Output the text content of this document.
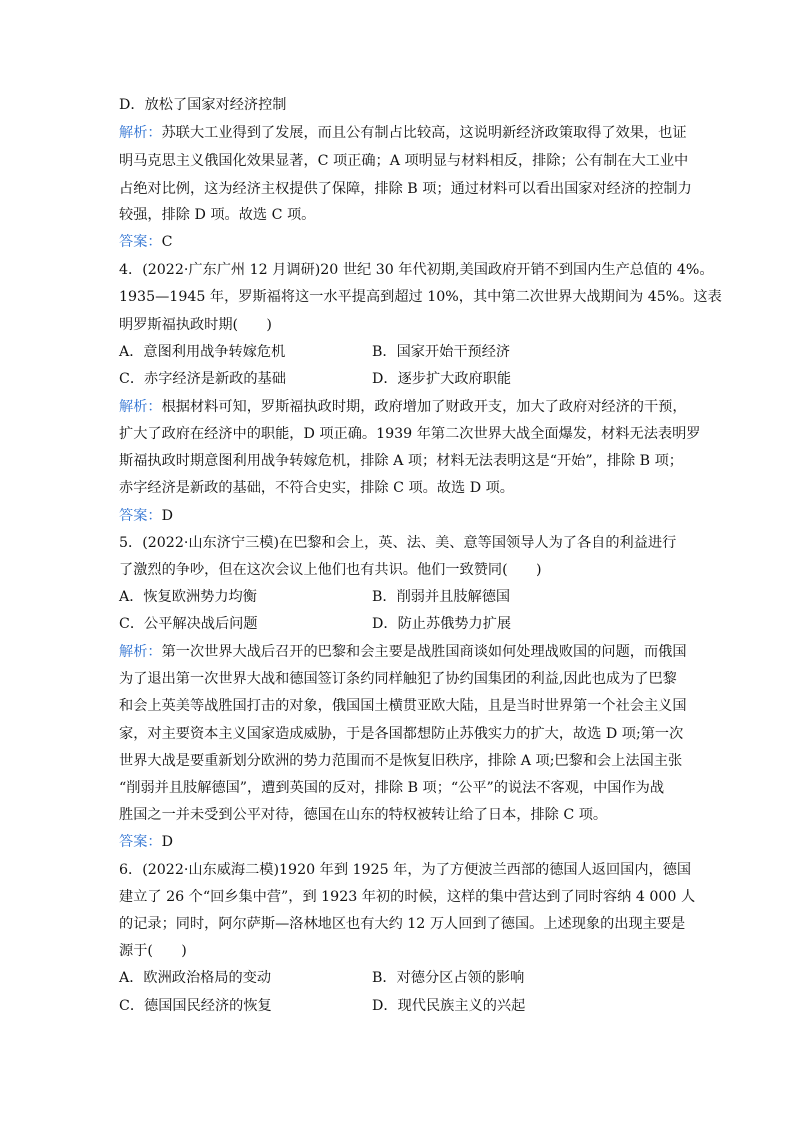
D．放松了国家对经济控制
解析：苏联大工业得到了发展，而且公有制占比较高，这说明新经济政策取得了效果，也证
明马克思主义俄国化效果显著，C 项正确；A 项明显与材料相反，排除；公有制在大工业中
占绝对比例，这为经济主权提供了保障，排除 B 项；通过材料可以看出国家对经济的控制力
较强，排除 D 项。故选 C 项。
答案：C
4．(2022·广东广州 12 月调研)20 世纪 30 年代初期,美国政府开销不到国内生产总值的 4%。
1935—1945 年，罗斯福将这一水平提高到超过 10%，其中第二次世界大战期间为 45%。这表
明罗斯福执政时期(　　)
A．意图利用战争转嫁危机	B．国家开始干预经济
C．赤字经济是新政的基础	D．逐步扩大政府职能
解析：根据材料可知，罗斯福执政时期，政府增加了财政开支，加大了政府对经济的干预，
扩大了政府在经济中的职能，D 项正确。1939 年第二次世界大战全面爆发，材料无法表明罗
斯福执政时期意图利用战争转嫁危机，排除 A 项；材料无法表明这是“开始”，排除 B 项；
赤字经济是新政的基础，不符合史实，排除 C 项。故选 D 项。
答案：D
5．(2022·山东济宁三模)在巴黎和会上，英、法、美、意等国领导人为了各自的利益进行
了激烈的争吵，但在这次会议上他们也有共识。他们一致赞同(　　)
A．恢复欧洲势力均衡	B．削弱并且肢解德国
C．公平解决战后问题	D．防止苏俄势力扩展
解析：第一次世界大战后召开的巴黎和会主要是战胜国商谈如何处理战败国的问题，而俄国
为了退出第一次世界大战和德国签订条约同样触犯了协约国集团的利益,因此也成为了巴黎
和会上英美等战胜国打击的对象，俄国国土横贯亚欧大陆，且是当时世界第一个社会主义国
家，对主要资本主义国家造成威胁，于是各国都想防止苏俄实力的扩大，故选 D 项;第一次
世界大战是要重新划分欧洲的势力范围而不是恢复旧秩序，排除 A 项;巴黎和会上法国主张
“削弱并且肢解德国”，遭到英国的反对，排除 B 项；“公平”的说法不客观，中国作为战
胜国之一并未受到公平对待，德国在山东的特权被转让给了日本，排除 C 项。
答案：D
6．(2022·山东威海二模)1920 年到 1925 年，为了方便波兰西部的德国人返回国内，德国
建立了 26 个“回乡集中营”，到 1923 年初的时候，这样的集中营达到了同时容纳 4 000 人
的记录；同时，阿尔萨斯—洛林地区也有大约 12 万人回到了德国。上述现象的出现主要是
源于(　　)
A．欧洲政治格局的变动	B．对德分区占领的影响
C．德国国民经济的恢复	D．现代民族主义的兴起
